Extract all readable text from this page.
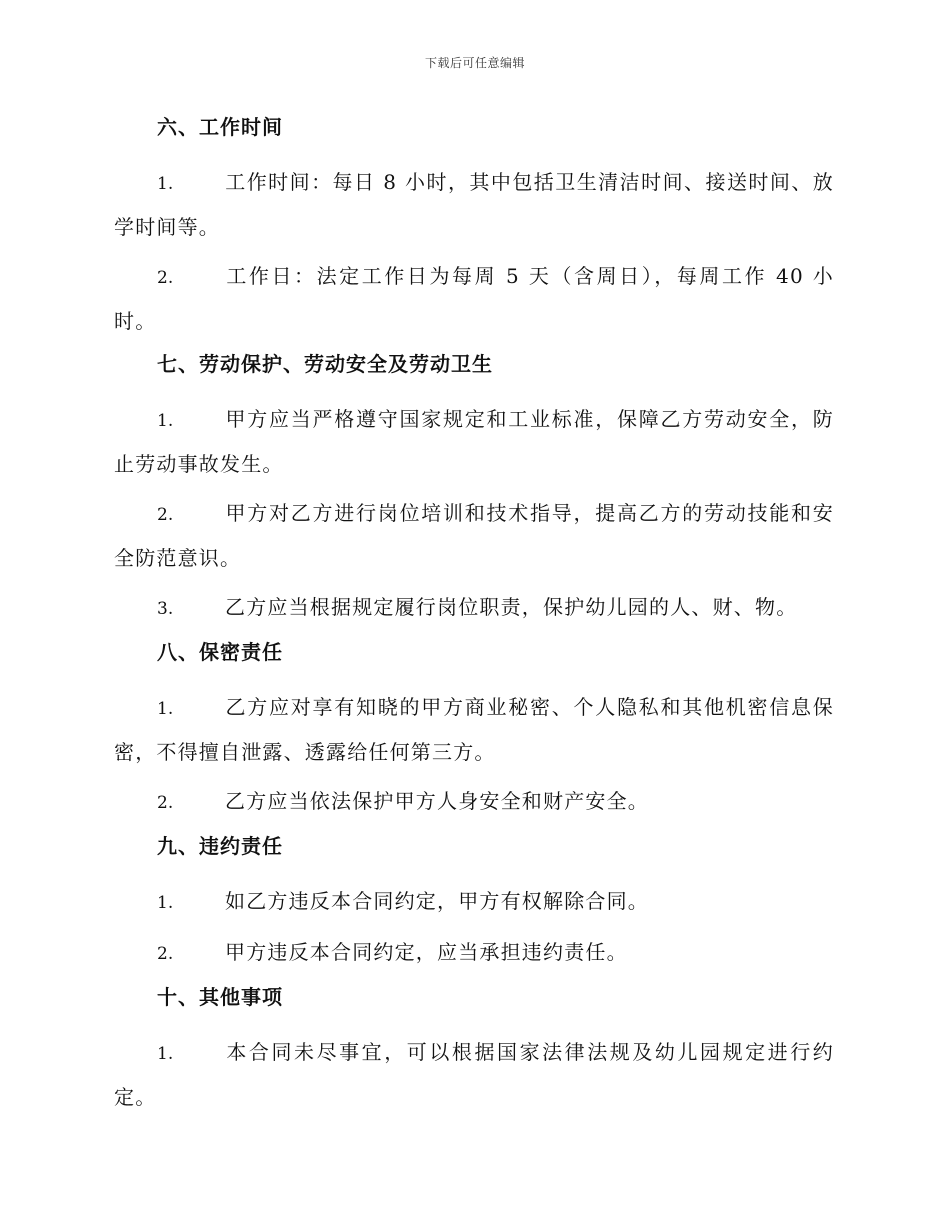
下载后可任意编辑
六、工作时间
1.	工作时间：每日 8 小时，其中包括卫生清洁时间、接送时间、放学时间等。
2.	工作日：法定工作日为每周 5 天（含周日），每周工作 40 小时。
七、劳动保护、劳动安全及劳动卫生
1.	甲方应当严格遵守国家规定和工业标准，保障乙方劳动安全，防止劳动事故发生。
2.	甲方对乙方进行岗位培训和技术指导，提高乙方的劳动技能和安全防范意识。
3.	乙方应当根据规定履行岗位职责，保护幼儿园的人、财、物。
八、保密责任
1.	乙方应对享有知晓的甲方商业秘密、个人隐私和其他机密信息保密，不得擅自泄露、透露给任何第三方。
2.	乙方应当依法保护甲方人身安全和财产安全。
九、违约责任
1.	如乙方违反本合同约定，甲方有权解除合同。
2.	甲方违反本合同约定，应当承担违约责任。
十、其他事项
1.	本合同未尽事宜，可以根据国家法律法规及幼儿园规定进行约定。
